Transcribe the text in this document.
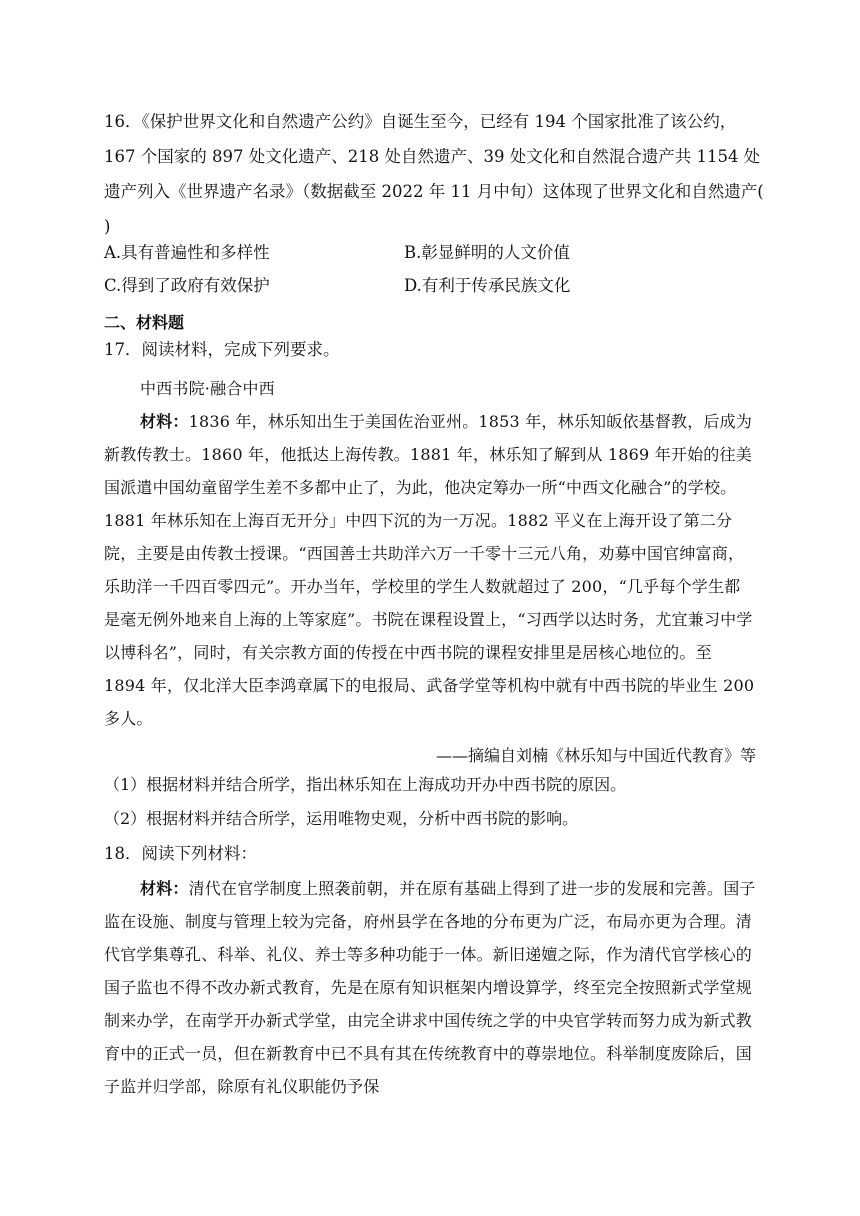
16．《保护世界文化和自然遗产公约》自诞生至今，已经有 194 个国家批准了该公约，167 个国家的 897 处文化遗产、218 处自然遗产、39 处文化和自然混合遗产共 1154 处遗产列入《世界遗产名录》（数据截至 2022 年 11 月中旬）这体现了世界文化和自然遗产( )
A.具有普遍性和多样性	B.彰显鲜明的人文价值
C.得到了政府有效保护	D.有利于传承民族文化
二、材料题
17．阅读材料，完成下列要求。
中西书院·融合中西
材料：1836 年，林乐知出生于美国佐治亚州。1853 年，林乐知皈依基督教，后成为新教传教士。1860 年，他抵达上海传教。1881 年，林乐知了解到从 1869 年开始的往美国派遣中国幼童留学生差不多都中止了，为此，他决定筹办一所“中西文化融合”的学校。1881 年林乐知在上海百无开分」中四下沉的为一万况。1882 平义在上海开设了第二分院，主要是由传教士授课。“西国善士共助洋六万一千零十三元八角，劝募中国官绅富商，乐助洋一千四百零四元”。开办当年，学校里的学生人数就超过了 200，“几乎每个学生都是毫无例外地来自上海的上等家庭”。书院在课程设置上，“习西学以达时务，尤宜兼习中学以博科名”，同时，有关宗教方面的传授在中西书院的课程安排里是居核心地位的。至 1894 年，仅北洋大臣李鸿章属下的电报局、武备学堂等机构中就有中西书院的毕业生 200 多人。
——摘编自刘楠《林乐知与中国近代教育》等
（1）根据材料并结合所学，指出林乐知在上海成功开办中西书院的原因。
（2）根据材料并结合所学，运用唯物史观，分析中西书院的影响。
18．阅读下列材料：
材料：清代在官学制度上照袭前朝，并在原有基础上得到了进一步的发展和完善。国子监在设施、制度与管理上较为完备，府州县学在各地的分布更为广泛，布局亦更为合理。清代官学集尊孔、科举、礼仪、养士等多种功能于一体。新旧递嬗之际，作为清代官学核心的国子监也不得不改办新式教育，先是在原有知识框架内增设算学，终至完全按照新式学堂规制来办学，在南学开办新式学堂，由完全讲求中国传统之学的中央官学转而努力成为新式教育中的正式一员，但在新教育中已不具有其在传统教育中的尊崇地位。科举制度废除后，国子监并归学部，除原有礼仪职能仍予保
